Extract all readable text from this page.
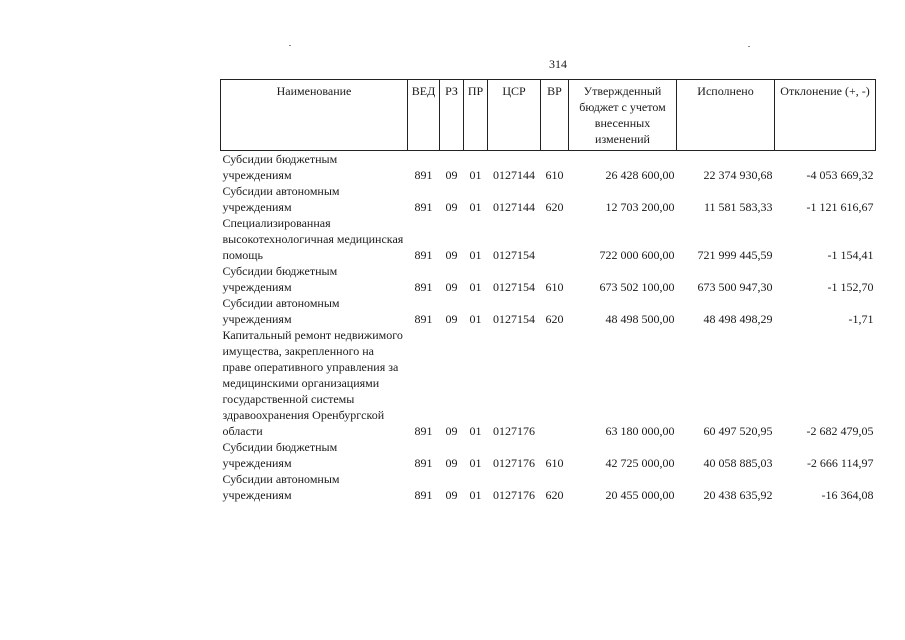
314
Наименование	ВЕД	РЗ	ПР	ЦСР	ВР	Утвержденный бюджет с учетом внесенных изменений	Исполнено	Отклонение (+, -)
Субсидии бюджетным учреждениям	891	09	01	0127144	610	26 428 600,00	22 374 930,68	-4 053 669,32
Субсидии автономным учреждениям	891	09	01	0127144	620	12 703 200,00	11 581 583,33	-1 121 616,67
Специализированная высокотехнологичная медицинская помощь	891	09	01	0127154		722 000 600,00	721 999 445,59	-1 154,41
Субсидии бюджетным учреждениям	891	09	01	0127154	610	673 502 100,00	673 500 947,30	-1 152,70
Субсидии автономным учреждениям	891	09	01	0127154	620	48 498 500,00	48 498 498,29	-1,71
Капитальный ремонт недвижимого имущества, закрепленного на праве оперативного управления за медицинскими организациями государственной системы здравоохранения Оренбургской области	891	09	01	0127176		63 180 000,00	60 497 520,95	-2 682 479,05
Субсидии бюджетным учреждениям	891	09	01	0127176	610	42 725 000,00	40 058 885,03	-2 666 114,97
Субсидии автономным учреждениям	891	09	01	0127176	620	20 455 000,00	20 438 635,92	-16 364,08
